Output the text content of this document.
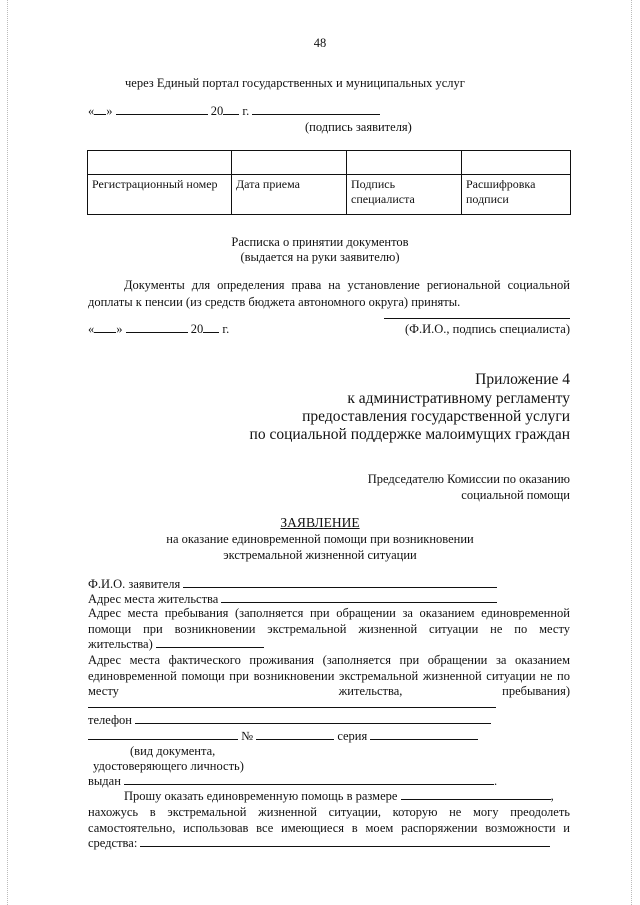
48
через Единый портал государственных и муниципальных услуг
« »	20 г.
(подпись заявителя)

Регистрационный номер	Дата приема	Подпись специалиста	Расшифровка подписи
Расписка о принятии документов
(выдается на руки заявителю)
Документы для определения права на установление региональной социальной доплаты к пенсии (из средств бюджета автономного округа) приняты.
« »	20 г.	(Ф.И.О., подпись специалиста)
Приложение 4
к административному регламенту
предоставления государственной услуги
по социальной поддержке малоимущих граждан
Председателю Комиссии по оказанию
социальной помощи
ЗАЯВЛЕНИЕ
на оказание единовременной помощи при возникновении
экстремальной жизненной ситуации
Ф.И.О. заявителя
Адрес места жительства
Адрес места пребывания (заполняется при обращении за оказанием единовременной помощи при возникновении экстремальной жизненной ситуации не по месту
жительства)
Адрес места фактического проживания (заполняется при обращении за оказанием единовременной помощи при возникновении экстремальной жизненной ситуации не по
месту	жительства,	пребывания)
телефон
№	серия
(вид документа,
удостоверяющего личность)
выдан	.
Прошу оказать единовременную помощь в размере	,
нахожусь в экстремальной жизненной ситуации, которую не могу преодолеть самостоятельно, использовав все имеющиеся в моем распоряжении возможности и
средства:
